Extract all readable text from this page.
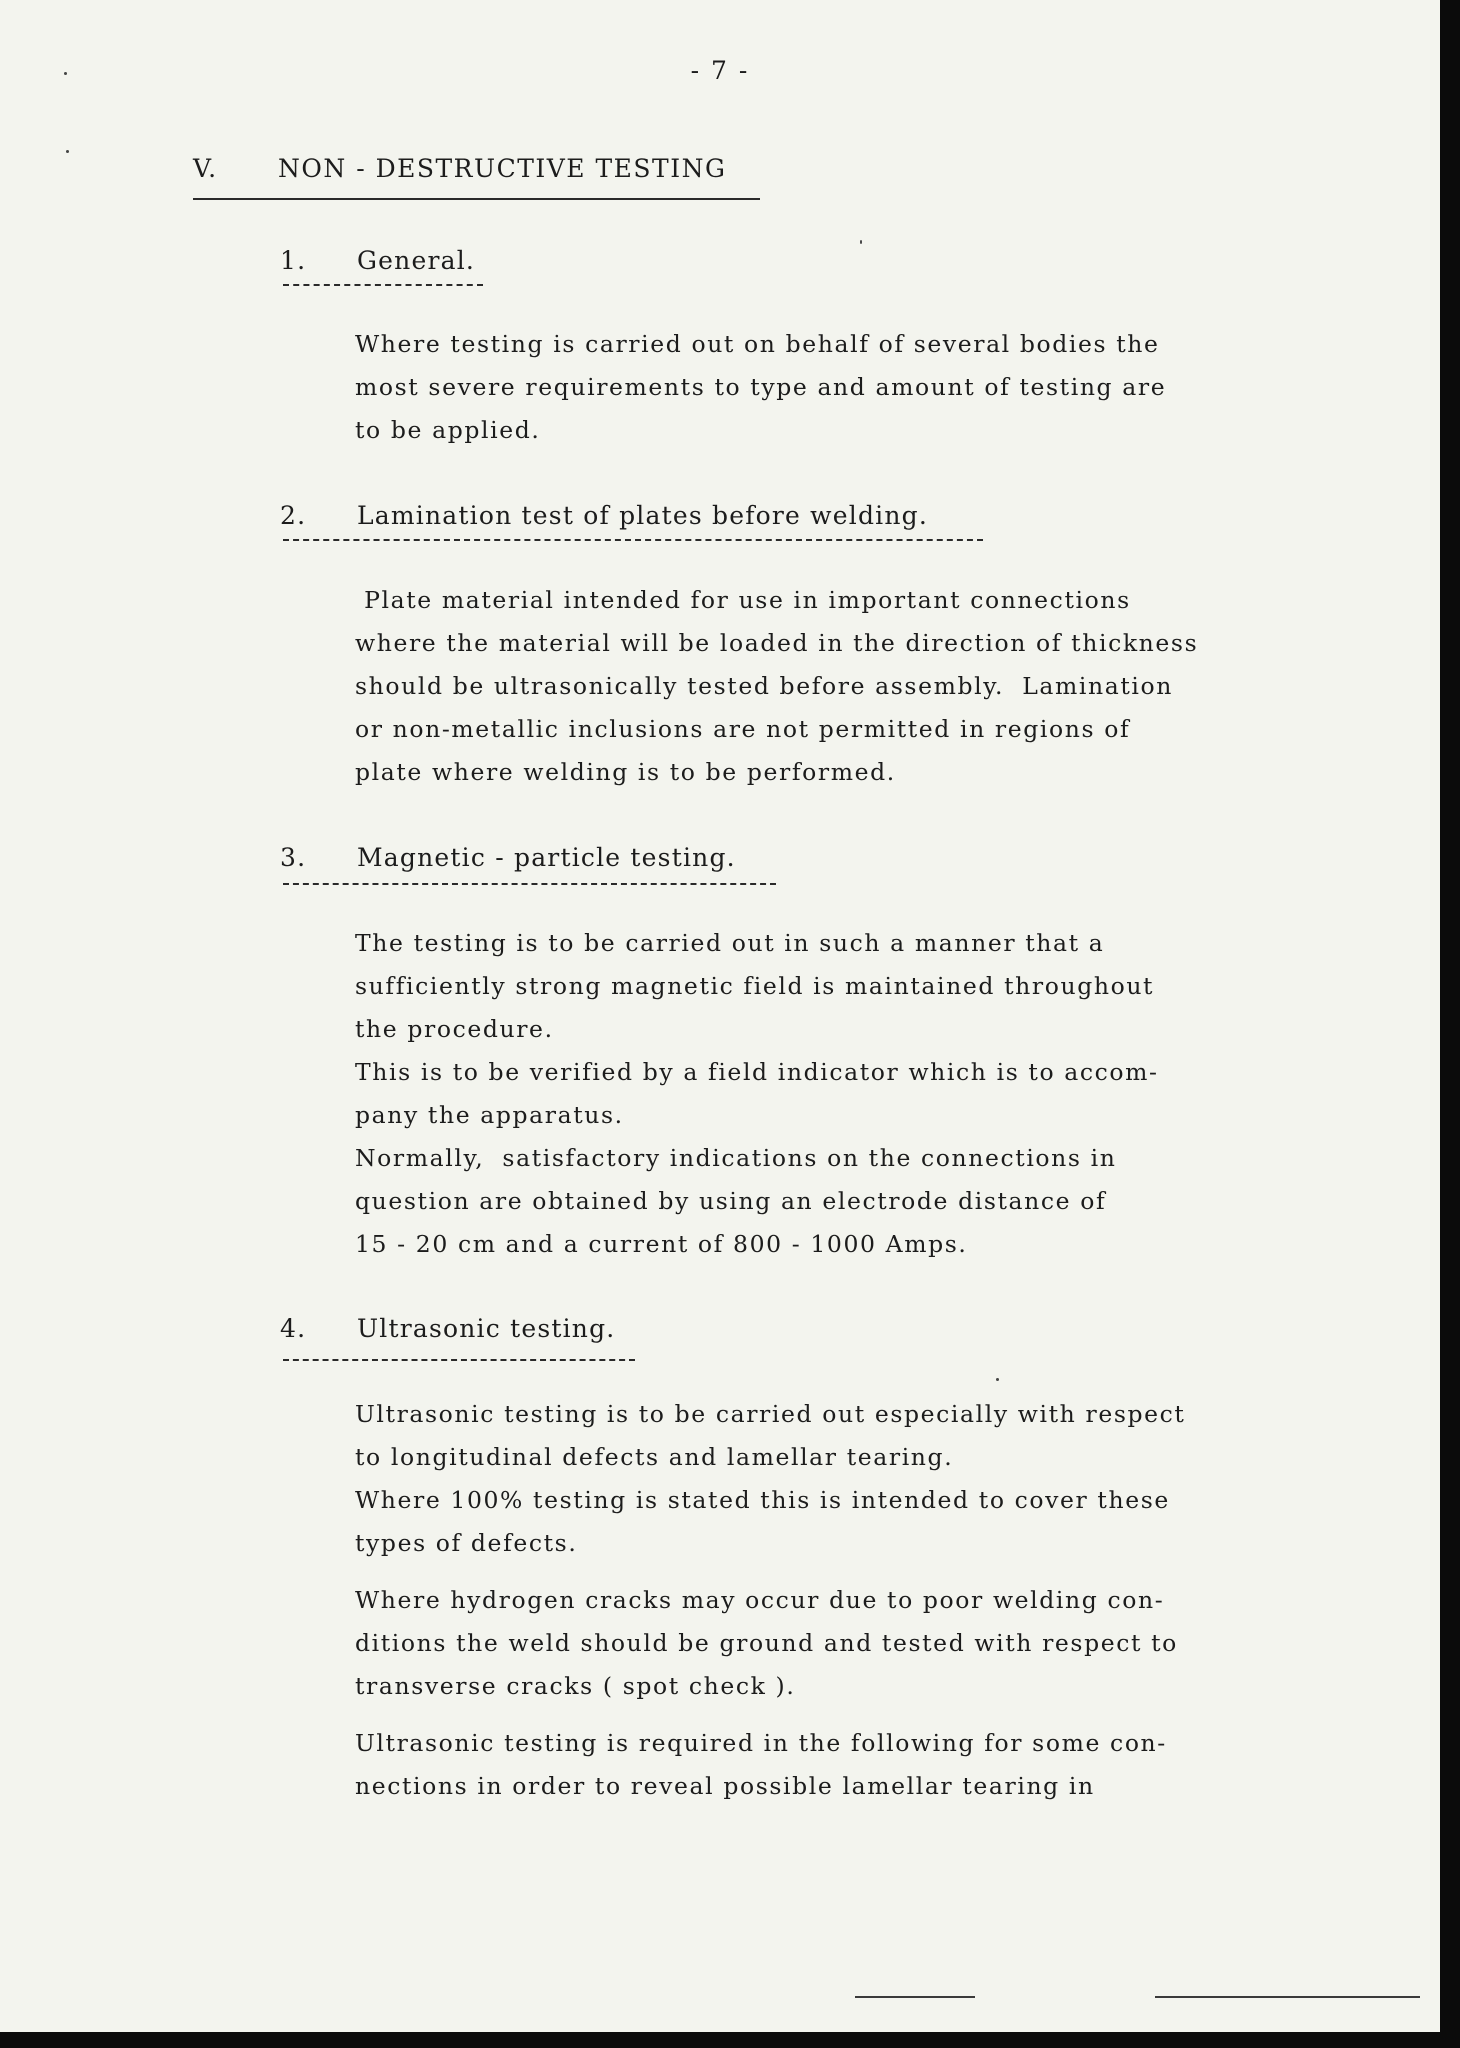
- 7 -
V. NON - DESTRUCTIVE TESTING
1. General.
Where testing is carried out on behalf of several bodies the
most severe requirements to type and amount of testing are
to be applied.
2. Lamination test of plates before welding.
Plate material intended for use in important connections
where the material will be loaded in the direction of thickness
should be ultrasonically tested before assembly.  Lamination
or non-metallic inclusions are not permitted in regions of
plate where welding is to be performed.
3. Magnetic - particle testing.
The testing is to be carried out in such a manner that a
sufficiently strong magnetic field is maintained throughout
the procedure.
This is to be verified by a field indicator which is to accom-
pany the apparatus.
Normally,  satisfactory indications on the connections in
question are obtained by using an electrode distance of
15 - 20 cm and a current of 800 - 1000 Amps.
4. Ultrasonic testing.
Ultrasonic testing is to be carried out especially with respect
to longitudinal defects and lamellar tearing.
Where 100% testing is stated this is intended to cover these
types of defects.
Where hydrogen cracks may occur due to poor welding con-
ditions the weld should be ground and tested with respect to
transverse cracks ( spot check ).
Ultrasonic testing is required in the following for some con-
nections in order to reveal possible lamellar tearing in
